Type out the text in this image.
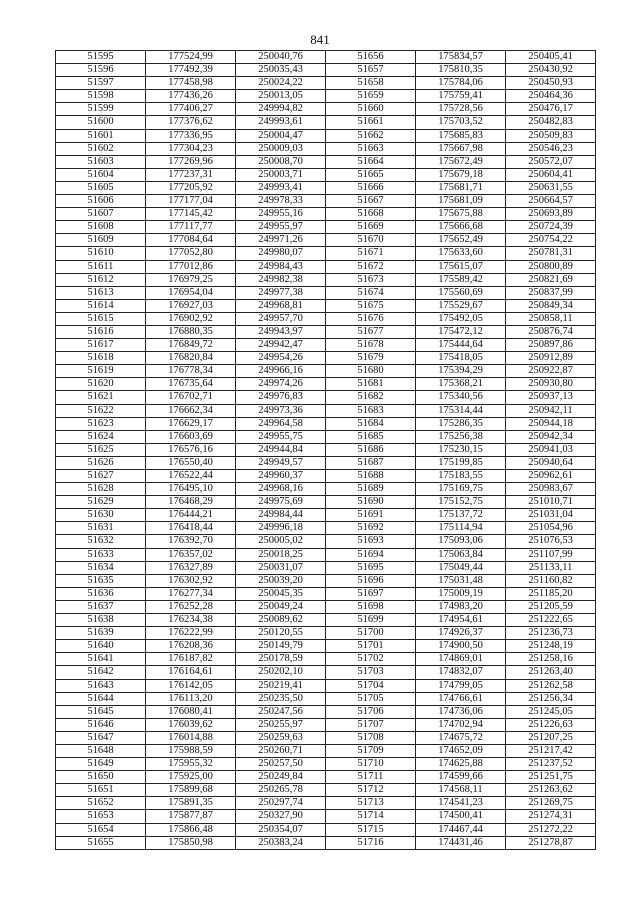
841
51595	177524,99	250040,76	51656	175834,57	250405,41
51596	177492,39	250035,43	51657	175810,35	250430,92
51597	177458,98	250024,22	51658	175784,06	250450,93
51598	177436,26	250013,05	51659	175759,41	250464,36
51599	177406,27	249994,82	51660	175728,56	250476,17
51600	177376,62	249993,61	51661	175703,52	250482,83
51601	177336,95	250004,47	51662	175685,83	250509,83
51602	177304,23	250009,03	51663	175667,98	250546,23
51603	177269,96	250008,70	51664	175672,49	250572,07
51604	177237,31	250003,71	51665	175679,18	250604,41
51605	177205,92	249993,41	51666	175681,71	250631,55
51606	177177,04	249978,33	51667	175681,09	250664,57
51607	177145,42	249955,16	51668	175675,88	250693,89
51608	177117,77	249955,97	51669	175666,68	250724,39
51609	177084,64	249971,26	51670	175652,49	250754,22
51610	177052,80	249980,07	51671	175633,60	250781,31
51611	177012,86	249984,43	51672	175615,07	250800,89
51612	176979,25	249982,38	51673	175589,42	250821,69
51613	176954,04	249977,38	51674	175560,69	250837,99
51614	176927,03	249968,81	51675	175529,67	250849,34
51615	176902,92	249957,70	51676	175492,05	250858,11
51616	176880,35	249943,97	51677	175472,12	250876,74
51617	176849,72	249942,47	51678	175444,64	250897,86
51618	176820,84	249954,26	51679	175418,05	250912,89
51619	176778,34	249966,16	51680	175394,29	250922,87
51620	176735,64	249974,26	51681	175368,21	250930,80
51621	176702,71	249976,83	51682	175340,56	250937,13
51622	176662,34	249973,36	51683	175314,44	250942,11
51623	176629,17	249964,58	51684	175286,35	250944,18
51624	176603,69	249955,75	51685	175256,38	250942,34
51625	176576,16	249944,84	51686	175230,15	250941,03
51626	176550,40	249949,57	51687	175199,85	250940,64
51627	176522,44	249960,37	51688	175183,55	250962,61
51628	176495,10	249968,16	51689	175169,75	250983,67
51629	176468,29	249975,69	51690	175152,75	251010,71
51630	176444,21	249984,44	51691	175137,72	251031,04
51631	176418,44	249996,18	51692	175114,94	251054,96
51632	176392,70	250005,02	51693	175093,06	251076,53
51633	176357,02	250018,25	51694	175063,84	251107,99
51634	176327,89	250031,07	51695	175049,44	251133,11
51635	176302,92	250039,20	51696	175031,48	251160,82
51636	176277,34	250045,35	51697	175009,19	251185,20
51637	176252,28	250049,24	51698	174983,20	251205,59
51638	176234,38	250089,62	51699	174954,61	251222,65
51639	176222,99	250120,55	51700	174926,37	251236,73
51640	176208,36	250149,79	51701	174900,50	251248,19
51641	176187,82	250178,59	51702	174869,01	251258,16
51642	176164,61	250202,10	51703	174832,07	251263,40
51643	176142,05	250219,41	51704	174799,05	251262,58
51644	176113,20	250235,50	51705	174766,61	251256,34
51645	176080,41	250247,56	51706	174736,06	251245,05
51646	176039,62	250255,97	51707	174702,94	251226,63
51647	176014,88	250259,63	51708	174675,72	251207,25
51648	175988,59	250260,71	51709	174652,09	251217,42
51649	175955,32	250257,50	51710	174625,88	251237,52
51650	175925,00	250249,84	51711	174599,66	251251,75
51651	175899,68	250265,78	51712	174568,11	251263,62
51652	175891,35	250297,74	51713	174541,23	251269,75
51653	175877,87	250327,90	51714	174500,41	251274,31
51654	175866,48	250354,07	51715	174467,44	251272,22
51655	175850,98	250383,24	51716	174431,46	251278,87
